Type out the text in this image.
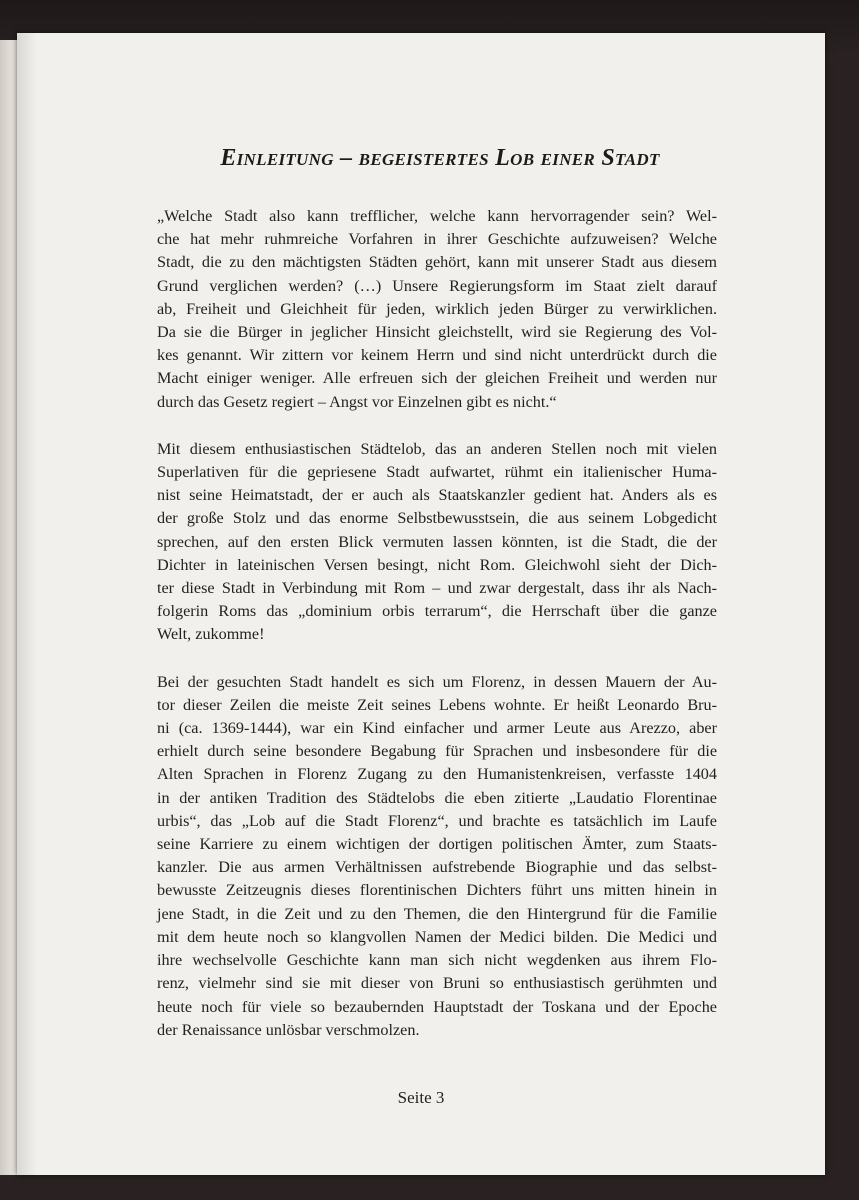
Einleitung – begeistertes Lob einer Stadt
„Welche Stadt also kann trefflicher, welche kann hervorragender sein? Wel-
che hat mehr ruhmreiche Vorfahren in ihrer Geschichte aufzuweisen? Welche
Stadt, die zu den mächtigsten Städten gehört, kann mit unserer Stadt aus diesem
Grund verglichen werden? (…) Unsere Regierungsform im Staat zielt darauf
ab, Freiheit und Gleichheit für jeden, wirklich jeden Bürger zu verwirklichen.
Da sie die Bürger in jeglicher Hinsicht gleichstellt, wird sie Regierung des Vol-
kes genannt. Wir zittern vor keinem Herrn und sind nicht unterdrückt durch die
Macht einiger weniger. Alle erfreuen sich der gleichen Freiheit und werden nur
durch das Gesetz regiert – Angst vor Einzelnen gibt es nicht.“
Mit diesem enthusiastischen Städtelob, das an anderen Stellen noch mit vielen
Superlativen für die gepriesene Stadt aufwartet, rühmt ein italienischer Huma-
nist seine Heimatstadt, der er auch als Staatskanzler gedient hat. Anders als es
der große Stolz und das enorme Selbstbewusstsein, die aus seinem Lobgedicht
sprechen, auf den ersten Blick vermuten lassen könnten, ist die Stadt, die der
Dichter in lateinischen Versen besingt, nicht Rom. Gleichwohl sieht der Dich-
ter diese Stadt in Verbindung mit Rom – und zwar dergestalt, dass ihr als Nach-
folgerin Roms das „dominium orbis terrarum“, die Herrschaft über die ganze
Welt, zukomme!
Bei der gesuchten Stadt handelt es sich um Florenz, in dessen Mauern der Au-
tor dieser Zeilen die meiste Zeit seines Lebens wohnte. Er heißt Leonardo Bru-
ni (ca. 1369-1444), war ein Kind einfacher und armer Leute aus Arezzo, aber
erhielt durch seine besondere Begabung für Sprachen und insbesondere für die
Alten Sprachen in Florenz Zugang zu den Humanistenkreisen, verfasste 1404
in der antiken Tradition des Städtelobs die eben zitierte „Laudatio Florentinae
urbis“, das „Lob auf die Stadt Florenz“, und brachte es tatsächlich im Laufe
seine Karriere zu einem wichtigen der dortigen politischen Ämter, zum Staats-
kanzler. Die aus armen Verhältnissen aufstrebende Biographie und das selbst-
bewusste Zeitzeugnis dieses florentinischen Dichters führt uns mitten hinein in
jene Stadt, in die Zeit und zu den Themen, die den Hintergrund für die Familie
mit dem heute noch so klangvollen Namen der Medici bilden. Die Medici und
ihre wechselvolle Geschichte kann man sich nicht wegdenken aus ihrem Flo-
renz, vielmehr sind sie mit dieser von Bruni so enthusiastisch gerühmten und
heute noch für viele so bezaubernden Hauptstadt der Toskana und der Epoche
der Renaissance unlösbar verschmolzen.
Seite 3
